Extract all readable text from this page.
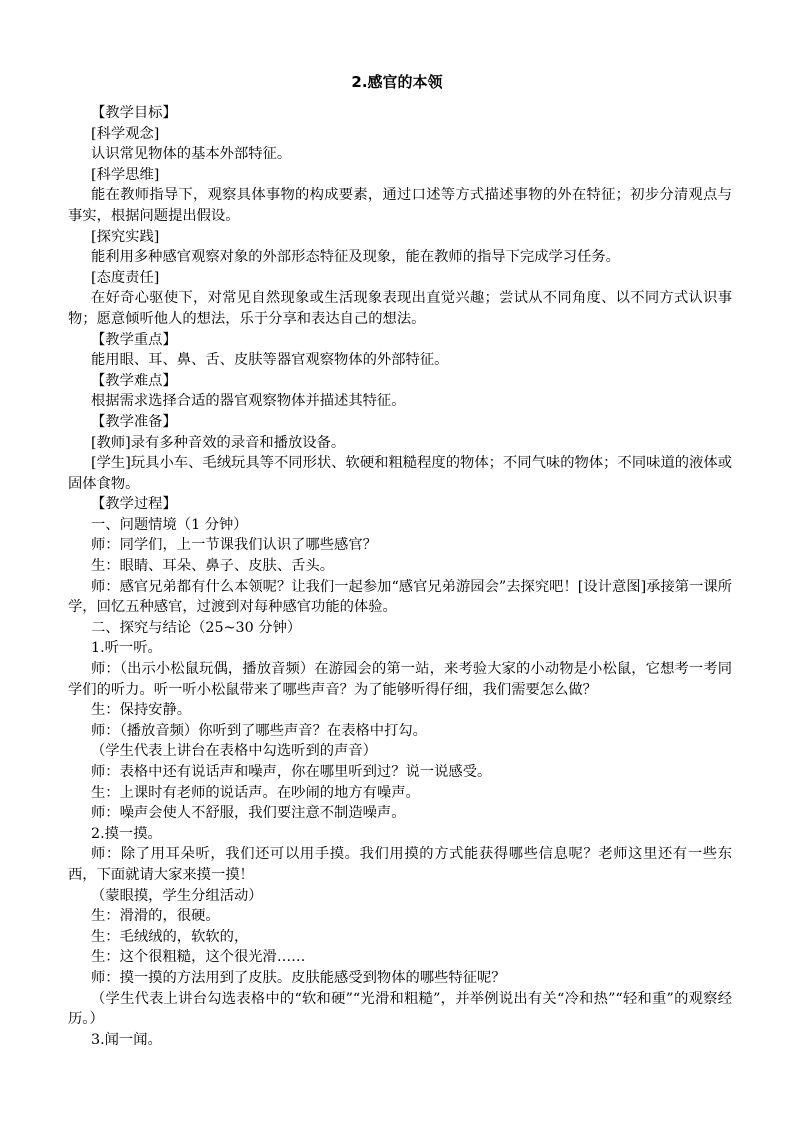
2.感官的本领

【教学目标】

[科学观念]

认识常见物体的基本外部特征。

[科学思维]

能在教师指导下，观察具体事物的构成要素，通过口述等方式描述事物的外在特征；初步分清观点与事实，根据问题提出假设。

[探究实践]

能利用多种感官观察对象的外部形态特征及现象，能在教师的指导下完成学习任务。

[态度责任]

在好奇心驱使下，对常见自然现象或生活现象表现出直觉兴趣；尝试从不同角度、以不同方式认识事物；愿意倾听他人的想法，乐于分享和表达自己的想法。

【教学重点】

能用眼、耳、鼻、舌、皮肤等器官观察物体的外部特征。

【教学难点】

根据需求选择合适的器官观察物体并描述其特征。

【教学准备】

[教师]录有多种音效的录音和播放设备。

[学生]玩具小车、毛绒玩具等不同形状、软硬和粗糙程度的物体；不同气味的物体；不同味道的液体或固体食物。

【教学过程】

一、问题情境（1 分钟）

师：同学们，上一节课我们认识了哪些感官？

生：眼睛、耳朵、鼻子、皮肤、舌头。

师：感官兄弟都有什么本领呢？让我们一起参加“感官兄弟游园会”去探究吧！[设计意图]承接第一课所学，回忆五种感官，过渡到对每种感官功能的体验。

二、探究与结论（25~30 分钟）

1.听一听。

师：（出示小松鼠玩偶，播放音频）在游园会的第一站，来考验大家的小动物是小松鼠，它想考一考同学们的听力。听一听小松鼠带来了哪些声音？为了能够听得仔细，我们需要怎么做？

生：保持安静。

师：（播放音频）你听到了哪些声音？在表格中打勾。

（学生代表上讲台在表格中勾选听到的声音）

师：表格中还有说话声和噪声，你在哪里听到过？说一说感受。

生：上课时有老师的说话声。在吵闹的地方有噪声。

师：噪声会使人不舒服，我们要注意不制造噪声。

2.摸一摸。

师：除了用耳朵听，我们还可以用手摸。我们用摸的方式能获得哪些信息呢？老师这里还有一些东西，下面就请大家来摸一摸！

（蒙眼摸，学生分组活动）

生：滑滑的，很硬。

生：毛绒绒的，软软的，

生：这个很粗糙，这个很光滑……

师：摸一摸的方法用到了皮肤。皮肤能感受到物体的哪些特征呢？

（学生代表上讲台勾选表格中的“软和硬”“光滑和粗糙”，并举例说出有关“冷和热”“轻和重”的观察经历。）

3.闻一闻。
